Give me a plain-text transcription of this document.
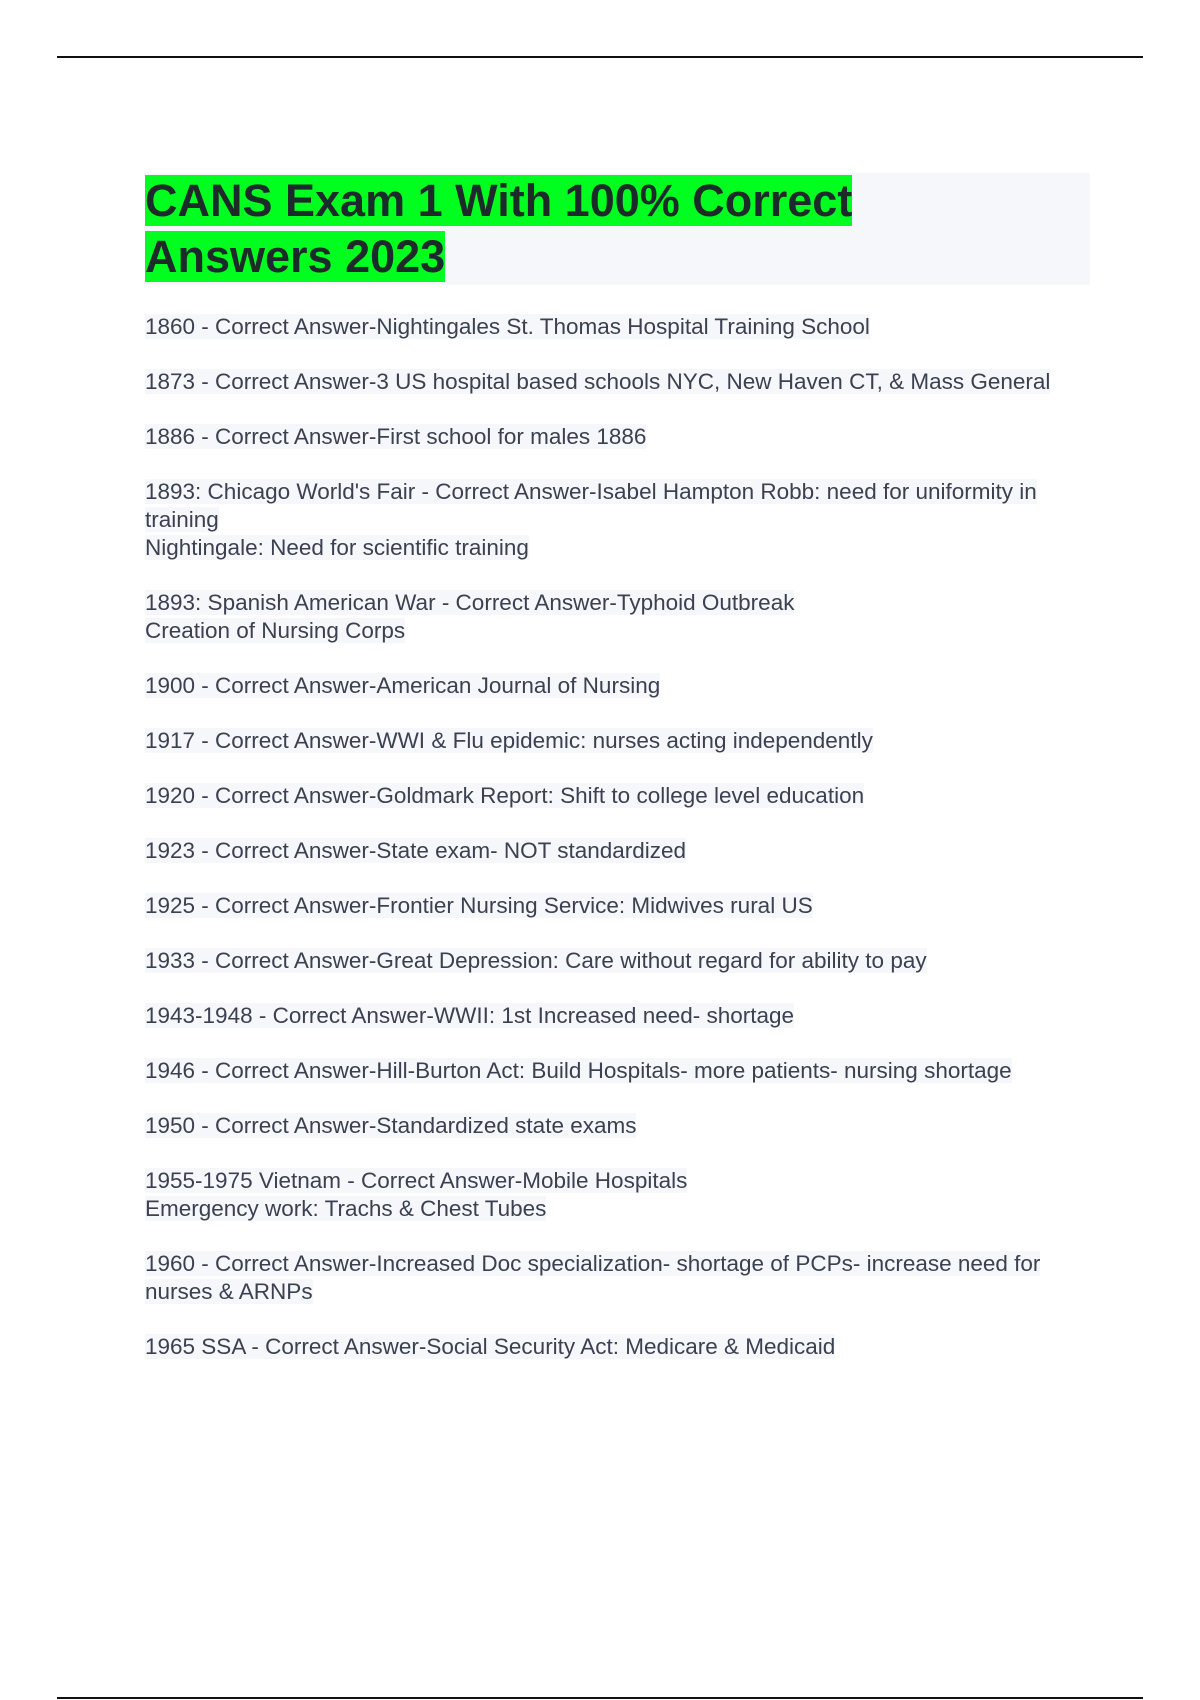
CANS Exam 1 With 100% Correct Answers 2023
1860 - Correct Answer-Nightingales St. Thomas Hospital Training School
1873 - Correct Answer-3 US hospital based schools NYC, New Haven CT, & Mass General
1886 - Correct Answer-First school for males 1886
1893: Chicago World's Fair - Correct Answer-Isabel Hampton Robb: need for uniformity in training
Nightingale: Need for scientific training
1893: Spanish American War - Correct Answer-Typhoid Outbreak
Creation of Nursing Corps
1900 - Correct Answer-American Journal of Nursing
1917 - Correct Answer-WWI & Flu epidemic: nurses acting independently
1920 - Correct Answer-Goldmark Report: Shift to college level education
1923 - Correct Answer-State exam- NOT standardized
1925 - Correct Answer-Frontier Nursing Service: Midwives rural US
1933 - Correct Answer-Great Depression: Care without regard for ability to pay
1943-1948 - Correct Answer-WWII: 1st Increased need- shortage
1946 - Correct Answer-Hill-Burton Act: Build Hospitals- more patients- nursing shortage
1950 - Correct Answer-Standardized state exams
1955-1975 Vietnam - Correct Answer-Mobile Hospitals
Emergency work: Trachs & Chest Tubes
1960 - Correct Answer-Increased Doc specialization- shortage of PCPs- increase need for nurses & ARNPs
1965 SSA - Correct Answer-Social Security Act: Medicare & Medicaid
